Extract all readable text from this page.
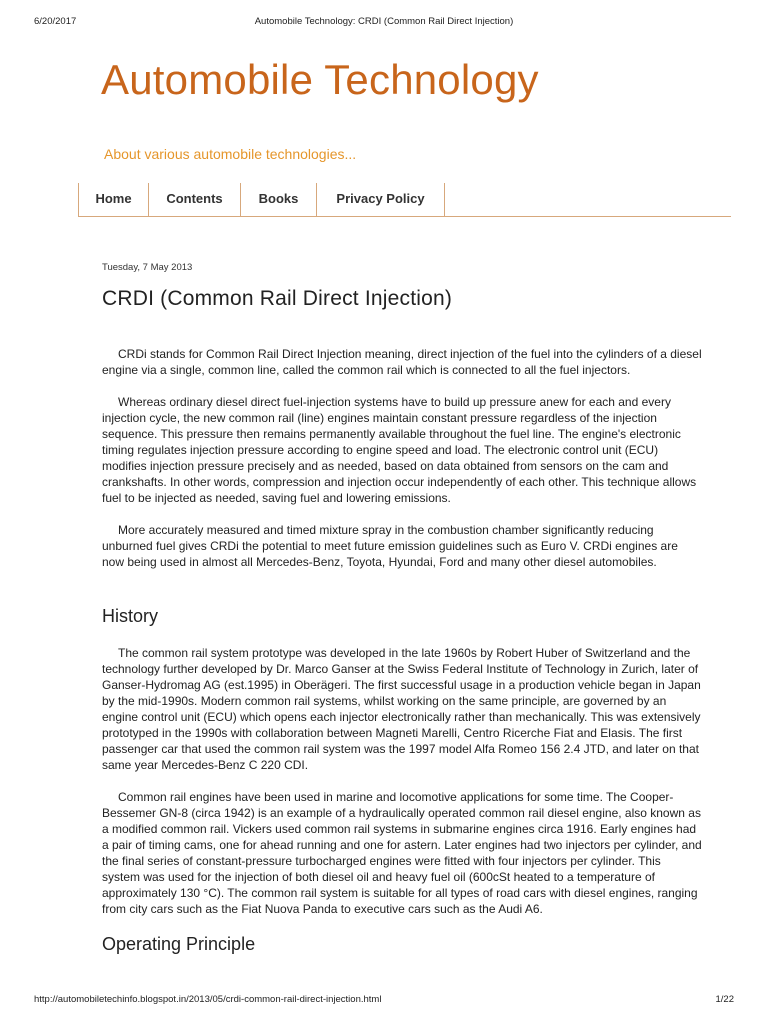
6/20/2017	Automobile Technology: CRDI (Common Rail Direct Injection)
Automobile Technology
About various automobile technologies...
Home	Contents	Books	Privacy Policy
Tuesday, 7 May 2013
CRDI (Common Rail Direct Injection)

CRDi stands for Common Rail Direct Injection meaning, direct injection of the fuel into the cylinders of a diesel engine via a single, common line, called the common rail which is connected to all the fuel injectors.

Whereas ordinary diesel direct fuel-injection systems have to build up pressure anew for each and every injection cycle, the new common rail (line) engines maintain constant pressure regardless of the injection sequence. This pressure then remains permanently available throughout the fuel line. The engine's electronic timing regulates injection pressure according to engine speed and load. The electronic control unit (ECU) modifies injection pressure precisely and as needed, based on data obtained from sensors on the cam and crankshafts. In other words, compression and injection occur independently of each other. This technique allows fuel to be injected as needed, saving fuel and lowering emissions.

More accurately measured and timed mixture spray in the combustion chamber significantly reducing unburned fuel gives CRDi the potential to meet future emission guidelines such as Euro V. CRDi engines are now being used in almost all Mercedes-Benz, Toyota, Hyundai, Ford and many other diesel automobiles.

History

The common rail system prototype was developed in the late 1960s by Robert Huber of Switzerland and the technology further developed by Dr. Marco Ganser at the Swiss Federal Institute of Technology in Zurich, later of Ganser-Hydromag AG (est.1995) in Oberägeri. The first successful usage in a production vehicle began in Japan by the mid-1990s. Modern common rail systems, whilst working on the same principle, are governed by an engine control unit (ECU) which opens each injector electronically rather than mechanically. This was extensively prototyped in the 1990s with collaboration between Magneti Marelli, Centro Ricerche Fiat and Elasis. The first passenger car that used the common rail system was the 1997 model Alfa Romeo 156 2.4 JTD, and later on that same year Mercedes-Benz C 220 CDI.

Common rail engines have been used in marine and locomotive applications for some time. The Cooper-Bessemer GN-8 (circa 1942) is an example of a hydraulically operated common rail diesel engine, also known as a modified common rail. Vickers used common rail systems in submarine engines circa 1916. Early engines had a pair of timing cams, one for ahead running and one for astern. Later engines had two injectors per cylinder, and the final series of constant-pressure turbocharged engines were fitted with four injectors per cylinder. This system was used for the injection of both diesel oil and heavy fuel oil (600cSt heated to a temperature of approximately 130 °C). The common rail system is suitable for all types of road cars with diesel engines, ranging from city cars such as the Fiat Nuova Panda to executive cars such as the Audi A6.

Operating Principle
http://automobiletechinfo.blogspot.in/2013/05/crdi-common-rail-direct-injection.html	1/22
